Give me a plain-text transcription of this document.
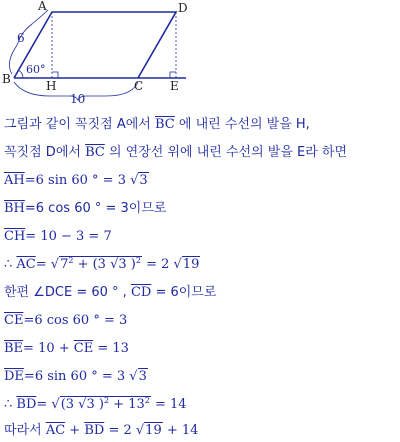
A	D
B	H	C E
6
60°
10
그림과 같이 꼭짓점 A에서 $\overline{BC}$ 에 내린 수선의 발을 H,
꼭짓점 D에서 $\overline{BC}$ 의 연장선 위에 내린 수선의 발을 E라 하면
$\overline{AH}=6$ sin 60 ° = 3 √3
$\overline{BH}=6$ cos 60 ° = 3이므로
$\overline{CH}= 10 - 3 = 7$
∴ $\overline{AC}= √7^2 + (3$ √3 )$^2$ = 2 √19
한편 ∠DCE = 60 ° , $\overline{CD} = 6$이므로
$\overline{CE}=6$ cos 60 ° = 3
$\overline{BE}= 10 + \overline{CE} = 13$
$\overline{DE}=6$ sin 60 ° = 3 √3
∴ $\overline{BD}= √(3$ √3 )$^2 + 13^2 = 14$
따라서 $\overline{AC} + \overline{BD} = 2$ √19 + 14
